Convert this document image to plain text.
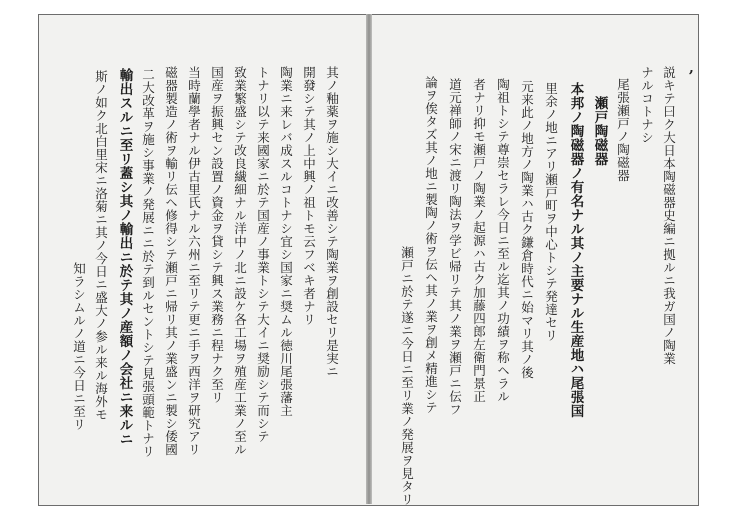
,
知ラシムルノ道ニ今日ニ至リ 斯ノ如ク北白里宋ニ洛菊ニ其ノ今日ニ盛大ノ参ル来ル海外モ 輸出スルニ至リ蓋シ其ノ輸出ニ於テ其ノ産額ノ会社ニ来ルニ 二大改革ヲ施シ事業ノ発展ニニ於テ到ルセントシテ見張頭範トナリ 磁器製造ノ術ヲ輸リ伝ヘ修得シテ瀬戸ニ帰リ其ノ業盛ンニ製シ倭國 当時蘭學者ナル伊古里氏ナル六州ニ至リテ更ニ手ヲ西洋ヲ研究アリ 国産ヲ振興セン設置ノ資金ヲ貸シテ興ス業務ニ程ナク至リ 致業繁盛シテ改良繊細ナル洋中ノ北ニ設ケ各工場ヲ殖産工業ノ至ル トナリ以テ来國家ニ於テ国産ノ事業トシテ大イニ奨励シテ而シテ 陶業ニ来レバ成スルコトナシ宜シ国家ニ奨ムル徳川尾張藩主 開發シテ其ノ上中興ノ祖トモ云フベキ者ナリ 其ノ釉薬ヲ施シ大イニ改善シテ陶業ヲ創設セリ是実ニ	瀬戸ニ於テ遂ニ今日ニ至リ業ノ発展ヲ見タリ 論ヲ俟タズ其ノ地ニ製陶ノ術ヲ伝ヘ其ノ業ヲ創メ精進シテ 道元禅師ノ宋ニ渡リ陶法ヲ学ビ帰リテ其ノ業ヲ瀬戸ニ伝フ 者ナリ抑モ瀬戸ノ陶業ノ起源ハ古ク加藤四郎左衛門景正 陶祖トシテ尊崇セラレ今日ニ至ル迄其ノ功績ヲ称ヘラル 元来此ノ地方ノ陶業ハ古ク鎌倉時代ニ始マリ其ノ後 里余ノ地ニアリ瀬戸町ヲ中心トシテ発達セリ 本邦ノ陶磁器ノ有名ナル其ノ主要ナル生産地ハ尾張国 瀬戸陶磁器 尾張瀬戸ノ陶磁器 ナルコトナシ 説キテ曰ク大日本陶磁器史編ニ拠ルニ我ガ国ノ陶業
